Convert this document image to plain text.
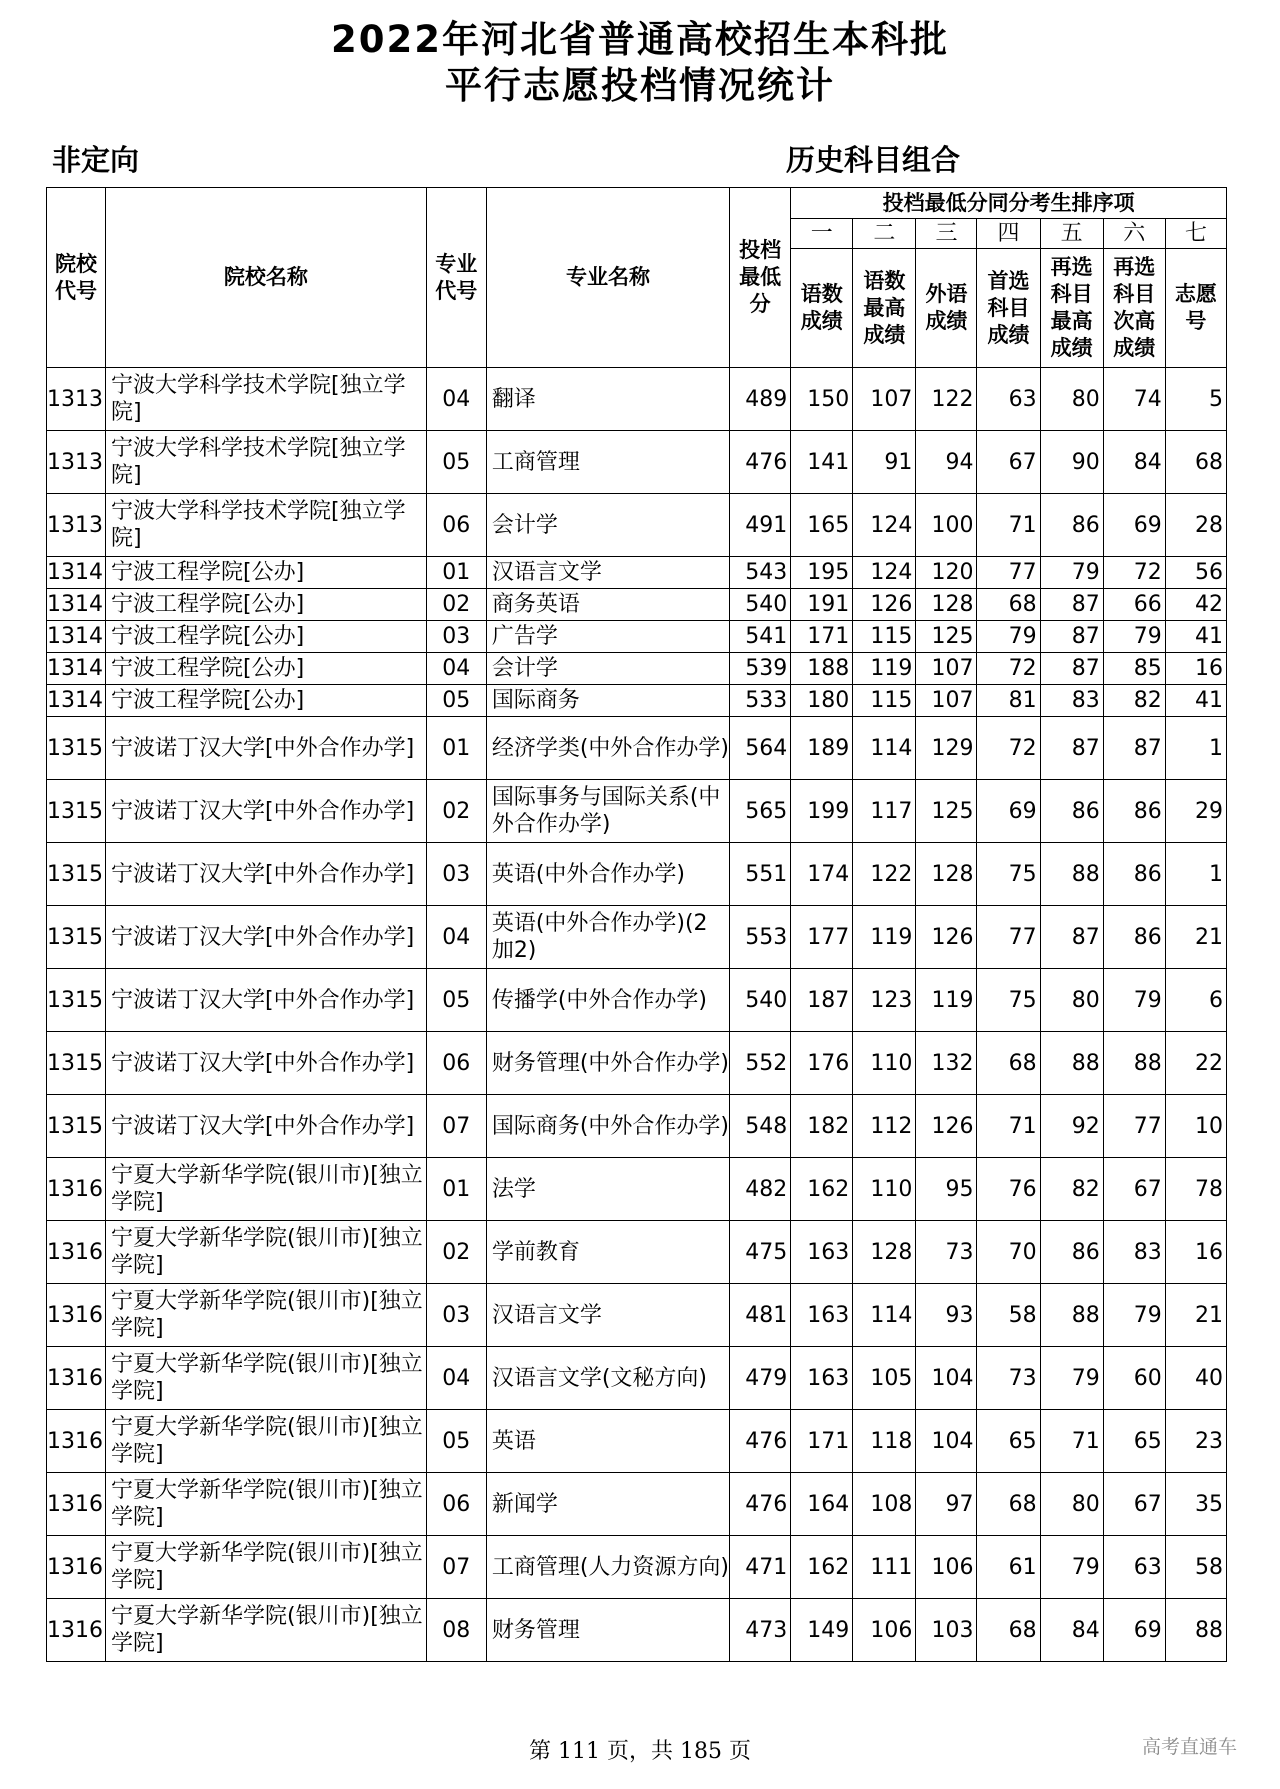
2022年河北省普通高校招生本科批
平行志愿投档情况统计
非定向	历史科目组合
院校代号	院校名称	专业代号	专业名称	投档最低分	投档最低分同分考生排序项						
					一	二	三	四	五	六	七
					语数成绩	语数最高成绩	外语成绩	首选科目成绩	再选科目最高成绩	再选科目次高成绩	志愿号
1313	宁波大学科学技术学院[独立学院]	04	翻译	489	150	107	122	63	80	74	5
1313	宁波大学科学技术学院[独立学院]	05	工商管理	476	141	91	94	67	90	84	68
1313	宁波大学科学技术学院[独立学院]	06	会计学	491	165	124	100	71	86	69	28
1314	宁波工程学院[公办]	01	汉语言文学	543	195	124	120	77	79	72	56
1314	宁波工程学院[公办]	02	商务英语	540	191	126	128	68	87	66	42
1314	宁波工程学院[公办]	03	广告学	541	171	115	125	79	87	79	41
1314	宁波工程学院[公办]	04	会计学	539	188	119	107	72	87	85	16
1314	宁波工程学院[公办]	05	国际商务	533	180	115	107	81	83	82	41
1315	宁波诺丁汉大学[中外合作办学]	01	经济学类(中外合作办学)	564	189	114	129	72	87	87	1
1315	宁波诺丁汉大学[中外合作办学]	02	国际事务与国际关系(中外合作办学)	565	199	117	125	69	86	86	29
1315	宁波诺丁汉大学[中外合作办学]	03	英语(中外合作办学)	551	174	122	128	75	88	86	1
1315	宁波诺丁汉大学[中外合作办学]	04	英语(中外合作办学)(2加2)	553	177	119	126	77	87	86	21
1315	宁波诺丁汉大学[中外合作办学]	05	传播学(中外合作办学)	540	187	123	119	75	80	79	6
1315	宁波诺丁汉大学[中外合作办学]	06	财务管理(中外合作办学)	552	176	110	132	68	88	88	22
1315	宁波诺丁汉大学[中外合作办学]	07	国际商务(中外合作办学)	548	182	112	126	71	92	77	10
1316	宁夏大学新华学院(银川市)[独立学院]	01	法学	482	162	110	95	76	82	67	78
1316	宁夏大学新华学院(银川市)[独立学院]	02	学前教育	475	163	128	73	70	86	83	16
1316	宁夏大学新华学院(银川市)[独立学院]	03	汉语言文学	481	163	114	93	58	88	79	21
1316	宁夏大学新华学院(银川市)[独立学院]	04	汉语言文学(文秘方向)	479	163	105	104	73	79	60	40
1316	宁夏大学新华学院(银川市)[独立学院]	05	英语	476	171	118	104	65	71	65	23
1316	宁夏大学新华学院(银川市)[独立学院]	06	新闻学	476	164	108	97	68	80	67	35
1316	宁夏大学新华学院(银川市)[独立学院]	07	工商管理(人力资源方向)	471	162	111	106	61	79	63	58
1316	宁夏大学新华学院(银川市)[独立学院]	08	财务管理	473	149	106	103	68	84	69	88
第 111 页，共 185 页	高考直通车
